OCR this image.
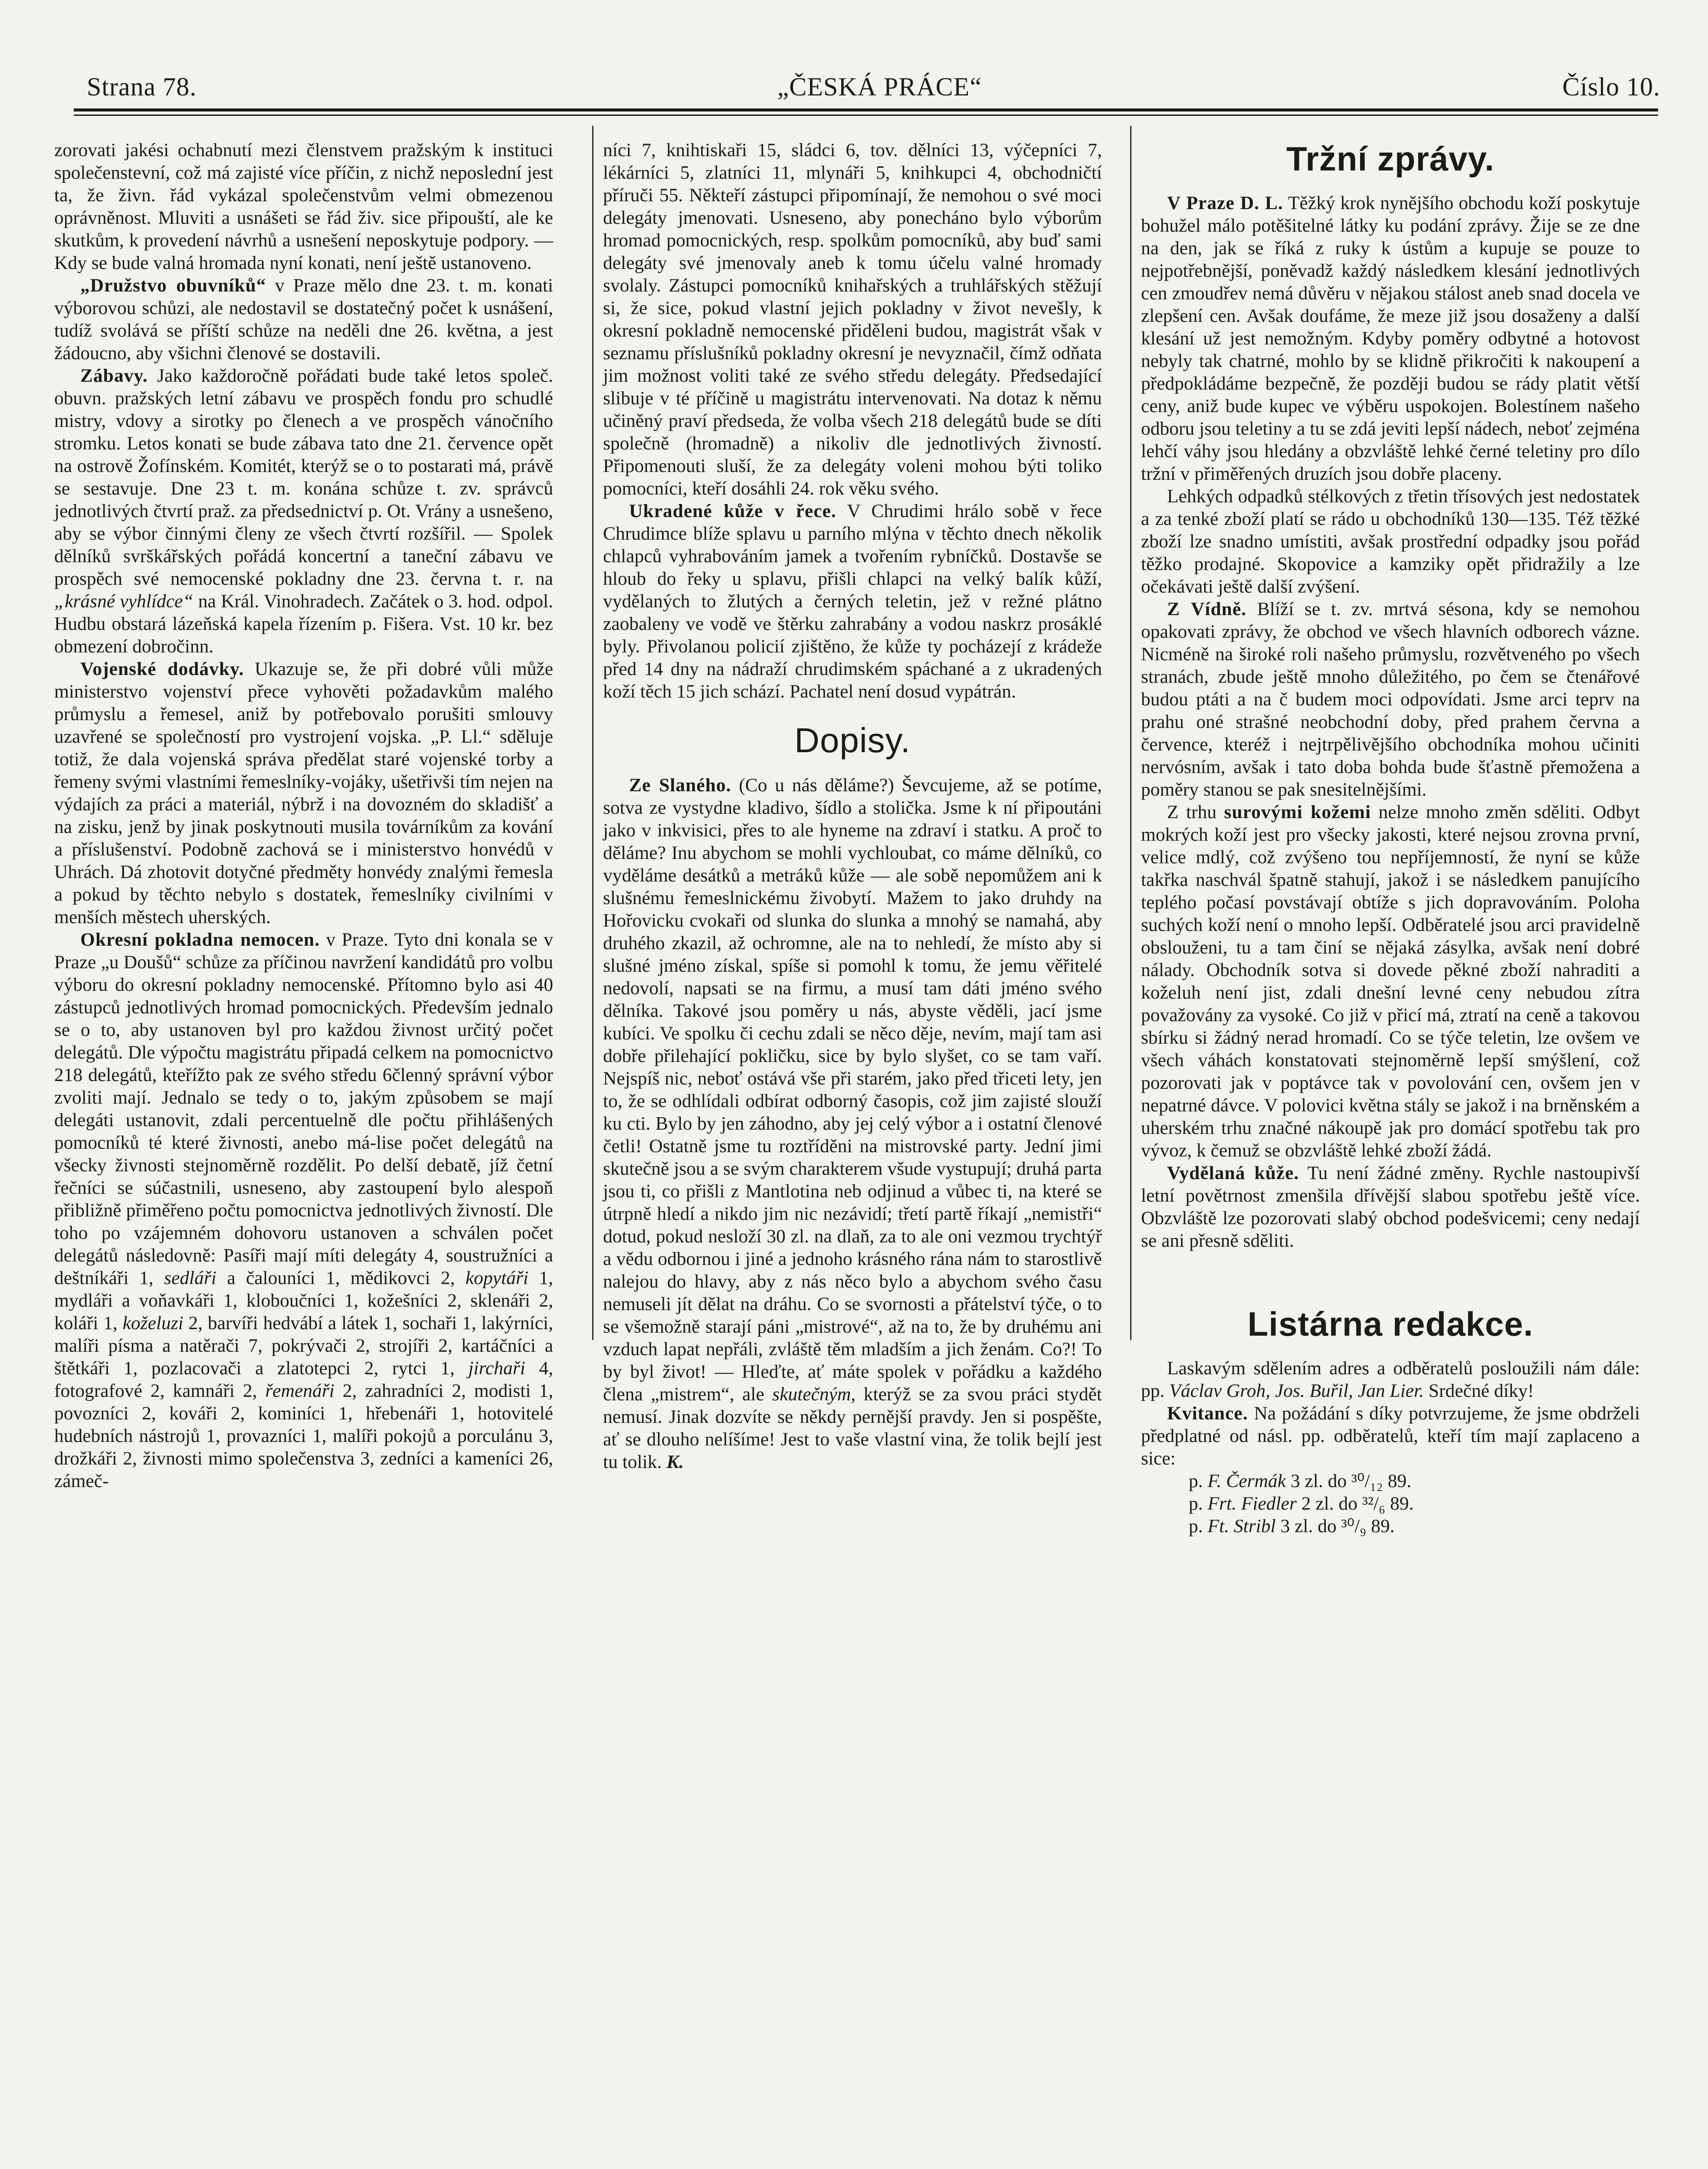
Strana 78.	„ČESKÁ PRÁCE“	Číslo 10.

zorovati jakési ochabnutí mezi členstvem pražským k instituci společenstevní, což má zajisté více příčin, z nichž neposlední jest ta, že živn. řád vykázal společenstvům velmi obmezenou oprávněnost. Mluviti a usnášeti se řád živ. sice připouští, ale ke skutkům, k provedení návrhů a usnešení neposkytuje podpory. — Kdy se bude valná hromada nyní konati, není ještě ustanoveno.

„Družstvo obuvníků“ v Praze mělo dne 23. t. m. konati výborovou schůzi, ale nedostavil se dostatečný počet k usnášení, tudíž svolává se příští schůze na neděli dne 26. května, a jest žádoucno, aby všichni členové se dostavili.

Zábavy. Jako každoročně pořádati bude také letos společ. obuvn. pražských letní zábavu ve prospěch fondu pro schudlé mistry, vdovy a sirotky po členech a ve prospěch vánočního stromku. Letos konati se bude zábava tato dne 21. července opět na ostrově Žofínském. Komitét, kterýž se o to postarati má, právě se sestavuje. Dne 23 t. m. konána schůze t. zv. správců jednotlivých čtvrtí praž. za předsednictví p. Ot. Vrány a usnešeno, aby se výbor činnými členy ze všech čtvrtí rozšířil. — Spolek dělníků svrškářských pořádá koncertní a taneční zábavu ve prospěch své nemocenské pokladny dne 23. června t. r. na „krásné vyhlídce“ na Král. Vinohradech. Začátek o 3. hod. odpol. Hudbu obstará lázeňská kapela řízením p. Fišera. Vst. 10 kr. bez obmezení dobročinn.

Vojenské dodávky. Ukazuje se, že při dobré vůli může ministerstvo vojenství přece vyhověti požadavkům malého průmyslu a řemesel, aniž by potřebovalo porušiti smlouvy uzavřené se společností pro vystrojení vojska. „P. Ll.“ sděluje totiž, že dala vojenská správa předělat staré vojenské torby a řemeny svými vlastními řemeslníky-vojáky, ušetřivši tím nejen na výdajích za práci a materiál, nýbrž i na dovozném do skladišť a na zisku, jenž by jinak poskytnouti musila továrníkům za kování a příslušenství. Podobně zachová se i ministerstvo honvédů v Uhrách. Dá zhotovit dotyčné předměty honvédy znalými řemesla a pokud by těchto nebylo s dostatek, řemeslníky civilními v menších městech uherských.

Okresní pokladna nemocen. v Praze. Tyto dni konala se v Praze „u Doušů“ schůze za příčinou navržení kandidátů pro volbu výboru do okresní pokladny nemocenské. Přítomno bylo asi 40 zástupců jednotlivých hromad pomocnických. Především jednalo se o to, aby ustanoven byl pro každou živnost určitý počet delegátů. Dle výpočtu magistrátu připadá celkem na pomocnictvo 218 delegátů, kteřížto pak ze svého středu 6členný správní výbor zvoliti mají. Jednalo se tedy o to, jakým způsobem se mají delegáti ustanovit, zdali percentuelně dle počtu přihlášených pomocníků té které živnosti, anebo má-lise počet delegátů na všecky živnosti stejnoměrně rozdělit. Po delší debatě, jíž četní řečníci se súčastnili, usneseno, aby zastoupení bylo alespoň přibližně přiměřeno počtu pomocnictva jednotlivých živností. Dle toho po vzájemném dohovoru ustanoven a schválen počet delegátů následovně: Pasíři mají míti delegáty 4, soustružníci a deštníkáři 1, sedláři a čalouníci 1, mědikovci 2, kopytáři 1, mydláři a voňavkáři 1, kloboučníci 1, kožešníci 2, sklenáři 2, koláři 1, koželuzi 2, barvíři hedvábí a látek 1, sochaři 1, lakýrníci, malíři písma a natěrači 7, pokrývači 2, strojíři 2, kartáčníci a štětkáři 1, pozlacovači a zlatotepci 2, rytci 1, jirchaři 4, fotografové 2, kamnáři 2, řemenáři 2, zahradníci 2, modisti 1, povozníci 2, kováři 2, kominíci 1, hřebenáři 1, hotovitelé hudebních nástrojů 1, provazníci 1, malíři pokojů a porculánu 3, drožkáři 2, živnosti mimo společenstva 3, zedníci a kameníci 26, zámeč-

níci 7, knihtiskaři 15, sládci 6, tov. dělníci 13, výčepníci 7, lékárníci 5, zlatníci 11, mlynáři 5, knihkupci 4, obchodničtí příruči 55. Někteří zástupci připomínají, že nemohou o své moci delegáty jmenovati. Usneseno, aby ponecháno bylo výborům hromad pomocnických, resp. spolkům pomocníků, aby buď sami delegáty své jmenovaly aneb k tomu účelu valné hromady svolaly. Zástupci pomocníků knihařských a truhlářských stěžují si, že sice, pokud vlastní jejich pokladny v život nevešly, k okresní pokladně nemocenské přiděleni budou, magistrát však v seznamu příslušníků pokladny okresní je nevyznačil, čímž odňata jim možnost voliti také ze svého středu delegáty. Předsedající slibuje v té příčině u magistrátu intervenovati. Na dotaz k němu učiněný praví předseda, že volba všech 218 delegátů bude se díti společně (hromadně) a nikoliv dle jednotlivých živností. Připomenouti sluší, že za delegáty voleni mohou býti toliko pomocníci, kteří dosáhli 24. rok věku svého.

Ukradené kůže v řece. V Chrudimi hrálo sobě v řece Chrudimce blíže splavu u parního mlýna v těchto dnech několik chlapců vyhrabováním jamek a tvořením rybníčků. Dostavše se hloub do řeky u splavu, přišli chlapci na velký balík kůží, vydělaných to žlutých a černých teletin, jež v režné plátno zaobaleny ve vodě ve štěrku zahrabány a vodou naskrz prosáklé byly. Přivolanou policií zjištěno, že kůže ty pocházejí z krádeže před 14 dny na nádraží chrudimském spáchané a z ukradených koží těch 15 jich schází. Pachatel není dosud vypátrán.

Dopisy.

Ze Slaného. (Co u nás děláme?) Ševcujeme, až se potíme, sotva ze vystydne kladivo, šídlo a stolička. Jsme k ní připoutáni jako v inkvisici, přes to ale hyneme na zdraví i statku. A proč to děláme? Inu abychom se mohli vychloubat, co máme dělníků, co vyděláme desátků a metráků kůže — ale sobě nepomůžem ani k slušnému řemeslnickému živobytí. Mažem to jako druhdy na Hořovicku cvokaři od slunka do slunka a mnohý se namahá, aby druhého zkazil, až ochromne, ale na to nehledí, že místo aby si slušné jméno získal, spíše si pomohl k tomu, že jemu věřitelé nedovolí, napsati se na firmu, a musí tam dáti jméno svého dělníka. Takové jsou poměry u nás, abyste věděli, jací jsme kubíci. Ve spolku či cechu zdali se něco děje, nevím, mají tam asi dobře přilehající pokličku, sice by bylo slyšet, co se tam vaří. Nejspíš nic, neboť ostává vše při starém, jako před třiceti lety, jen to, že se odhlídali odbírat odborný časopis, což jim zajisté slouží ku cti. Bylo by jen záhodno, aby jej celý výbor a i ostatní členové četli! Ostatně jsme tu roztříděni na mistrovské party. Jední jimi skutečně jsou a se svým charakterem všude vystupují; druhá parta jsou ti, co přišli z Mantlotina neb odjinud a vůbec ti, na které se útrpně hledí a nikdo jim nic nezávidí; třetí partě říkají „nemistři“ dotud, pokud nesloží 30 zl. na dlaň, za to ale oni vezmou trychtýř a vědu odbornou i jiné a jednoho krásného rána nám to starostlivě nalejou do hlavy, aby z nás něco bylo a abychom svého času nemuseli jít dělat na dráhu. Co se svornosti a přátelství týče, o to se všemožně starají páni „mistrové“, až na to, že by druhému ani vzduch lapat nepřáli, zvláště těm mladším a jich ženám. Co?! To by byl život! — Hleďte, ať máte spolek v pořádku a každého člena „mistrem“, ale skutečným, kterýž se za svou práci stydět nemusí. Jinak dozvíte se někdy pernější pravdy. Jen si pospěšte, ať se dlouho nelíšíme! Jest to vaše vlastní vina, že tolik bejlí jest tu tolik. K.

Tržní zprávy.

V Praze D. L. Těžký krok nynějšího obchodu koží poskytuje bohužel málo potěšitelné látky ku podání zprávy. Žije se ze dne na den, jak se říká z ruky k ústům a kupuje se pouze to nejpotřebnější, poněvadž každý následkem klesání jednotlivých cen zmoudřev nemá důvěru v nějakou stálost aneb snad docela ve zlepšení cen. Avšak doufáme, že meze již jsou dosaženy a další klesání už jest nemožným. Kdyby poměry odbytné a hotovost nebyly tak chatrné, mohlo by se klidně přikročiti k nakoupení a předpokládáme bezpečně, že později budou se rády platit větší ceny, aniž bude kupec ve výběru uspokojen. Bolestínem našeho odboru jsou teletiny a tu se zdá jeviti lepší nádech, neboť zejména lehčí váhy jsou hledány a obzvláště lehké černé teletiny pro dílo tržní v přiměřených druzích jsou dobře placeny.

Lehkých odpadků stélkových z třetin třísových jest nedostatek a za tenké zboží platí se rádo u obchodníků 130—135. Též těžké zboží lze snadno umístiti, avšak prostřední odpadky jsou pořád těžko prodajné. Skopovice a kamziky opět přidražily a lze očekávati ještě další zvýšení.

Z Vídně. Blíží se t. zv. mrtvá sésona, kdy se nemohou opakovati zprávy, že obchod ve všech hlavních odborech vázne. Nicméně na široké roli našeho průmyslu, rozvětveného po všech stranách, zbude ještě mnoho důležitého, po čem se čtenářové budou ptáti a na č budem moci odpovídati. Jsme arci teprv na prahu oné strašné neobchodní doby, před prahem června a července, kteréž i nejtrpělivějšího obchodníka mohou učiniti nervósním, avšak i tato doba bohda bude šťastně přemožena a poměry stanou se pak snesitelnějšími.

Z trhu surovými kožemi nelze mnoho změn sděliti. Odbyt mokrých koží jest pro všecky jakosti, které nejsou zrovna první, velice mdlý, což zvýšeno tou nepříjemností, že nyní se kůže takřka naschvál špatně stahují, jakož i se následkem panujícího teplého počasí povstávají obtíže s jich dopravováním. Poloha suchých koží není o mnoho lepší. Odběratelé jsou arci pravidelně obslouženi, tu a tam činí se nějaká zásylka, avšak není dobré nálady. Obchodník sotva si dovede pěkné zboží nahraditi a koželuh není jist, zdali dnešní levné ceny nebudou zítra považovány za vysoké. Co již v přicí má, ztratí na ceně a takovou sbírku si žádný nerad hromadí. Co se týče teletin, lze ovšem ve všech váhách konstatovati stejnoměrně lepší smýšlení, což pozorovati jak v poptávce tak v povolování cen, ovšem jen v nepatrné dávce. V polovici května stály se jakož i na brněnském a uherském trhu značné nákoupě jak pro domácí spotřebu tak pro vývoz, k čemuž se obzvláště lehké zboží žádá.

Vydělaná kůže. Tu není žádné změny. Rychle nastoupivší letní povětrnost zmenšila dřívější slabou spotřebu ještě více. Obzvláště lze pozorovati slabý obchod podešvicemi; ceny nedají se ani přesně sděliti.

Listárna redakce.

Laskavým sdělením adres a odběratelů posloužili nám dále: pp. Václav Groh, Jos. Buřil, Jan Lier. Srdečné díky!

Kvitance. Na požádání s díky potvrzujeme, že jsme obdrželi předplatné od násl. pp. odběratelů, kteří tím mají zaplaceno a sice:

p. F. Čermák 3 zl. do ³⁰/₁₂ 89.

p. Frt. Fiedler 2 zl. do ³²/₆ 89.

p. Ft. Stribl 3 zl. do ³⁰/₉ 89.
